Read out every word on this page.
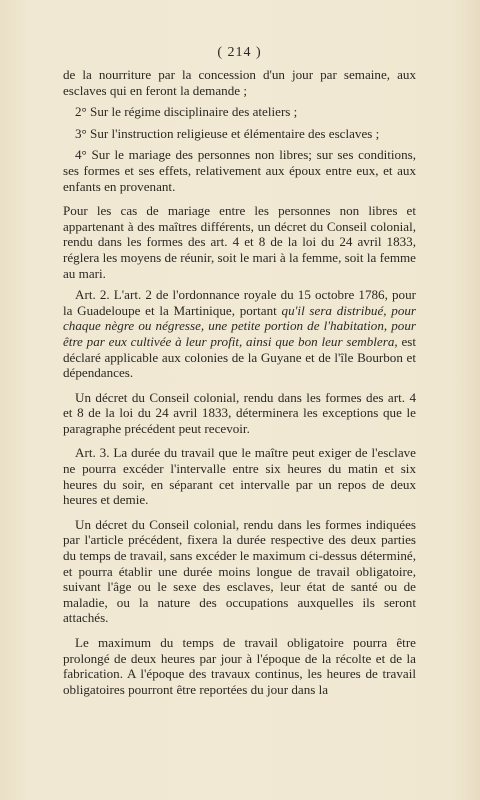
( 214 )

de la nourriture par la concession d'un jour par semaine, aux esclaves qui en feront la demande ;

2° Sur le régime disciplinaire des ateliers ;

3° Sur l'instruction religieuse et élémentaire des esclaves ;

4° Sur le mariage des personnes non libres; sur ses conditions, ses formes et ses effets, relativement aux époux entre eux, et aux enfants en provenant.

Pour les cas de mariage entre les personnes non libres et appartenant à des maîtres différents, un décret du Conseil colonial, rendu dans les formes des art. 4 et 8 de la loi du 24 avril 1833, réglera les moyens de réunir, soit le mari à la femme, soit la femme au mari.

Art. 2. L'art. 2 de l'ordonnance royale du 15 octobre 1786, pour la Guadeloupe et la Martinique, portant qu'il sera distribué, pour chaque nègre ou négresse, une petite portion de l'habitation, pour être par eux cultivée à leur profit, ainsi que bon leur semblera, est déclaré applicable aux colonies de la Guyane et de l'île Bourbon et dépendances.

Un décret du Conseil colonial, rendu dans les formes des art. 4 et 8 de la loi du 24 avril 1833, déterminera les exceptions que le paragraphe précédent peut recevoir.

Art. 3. La durée du travail que le maître peut exiger de l'esclave ne pourra excéder l'intervalle entre six heures du matin et six heures du soir, en séparant cet intervalle par un repos de deux heures et demie.

Un décret du Conseil colonial, rendu dans les formes indiquées par l'article précédent, fixera la durée respective des deux parties du temps de travail, sans excéder le maximum ci-dessus déterminé, et pourra établir une durée moins longue de travail obligatoire, suivant l'âge ou le sexe des esclaves, leur état de santé ou de maladie, ou la nature des occupations auxquelles ils seront attachés.

Le maximum du temps de travail obligatoire pourra être prolongé de deux heures par jour à l'époque de la récolte et de la fabrication. A l'époque des travaux continus, les heures de travail obligatoires pourront être reportées du jour dans la
